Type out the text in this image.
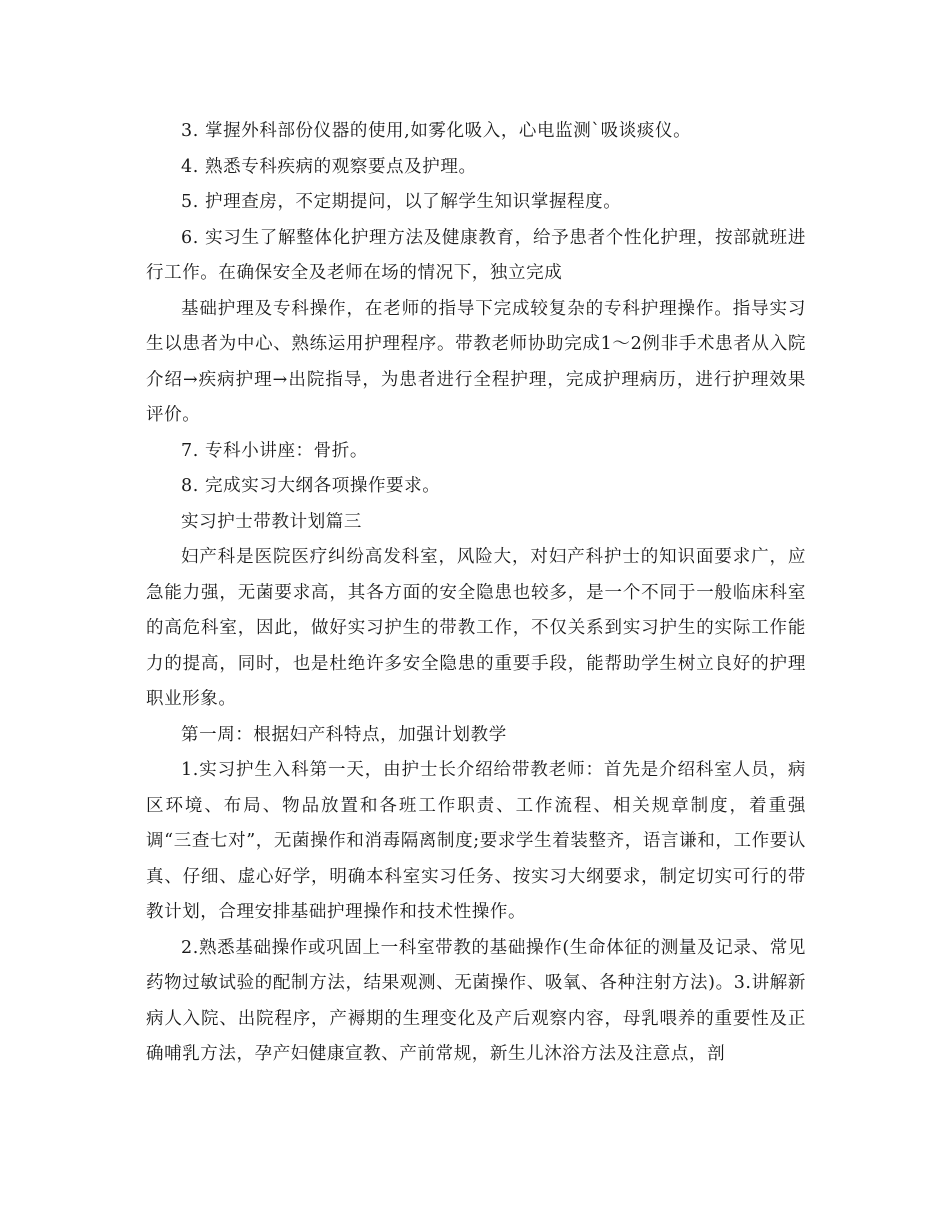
3. 掌握外科部份仪器的使用,如雾化吸入，心电监测`吸谈痰仪。

4. 熟悉专科疾病的观察要点及护理。

5. 护理查房，不定期提问，以了解学生知识掌握程度。

6. 实习生了解整体化护理方法及健康教育，给予患者个性化护理，按部就班进行工作。在确保安全及老师在场的情况下，独立完成

基础护理及专科操作，在老师的指导下完成较复杂的专科护理操作。指导实习生以患者为中心、熟练运用护理程序。带教老师协助完成1～2例非手术患者从入院介绍→疾病护理→出院指导，为患者进行全程护理，完成护理病历，进行护理效果评价。

7. 专科小讲座：骨折。

8. 完成实习大纲各项操作要求。

实习护士带教计划篇三

妇产科是医院医疗纠纷高发科室，风险大，对妇产科护士的知识面要求广，应急能力强，无菌要求高，其各方面的安全隐患也较多，是一个不同于一般临床科室的高危科室，因此，做好实习护生的带教工作，不仅关系到实习护生的实际工作能力的提高，同时，也是杜绝许多安全隐患的重要手段，能帮助学生树立良好的护理职业形象。

第一周：根据妇产科特点，加强计划教学

1.实习护生入科第一天，由护士长介绍给带教老师：首先是介绍科室人员，病区环境、布局、物品放置和各班工作职责、工作流程、相关规章制度，着重强调“三查七对”，无菌操作和消毒隔离制度;要求学生着装整齐，语言谦和，工作要认真、仔细、虚心好学，明确本科室实习任务、按实习大纲要求，制定切实可行的带教计划，合理安排基础护理操作和技术性操作。

2.熟悉基础操作或巩固上一科室带教的基础操作(生命体征的测量及记录、常见药物过敏试验的配制方法，结果观测、无菌操作、吸氧、各种注射方法)。3.讲解新病人入院、出院程序，产褥期的生理变化及产后观察内容，母乳喂养的重要性及正确哺乳方法，孕产妇健康宣教、产前常规，新生儿沐浴方法及注意点，剖
